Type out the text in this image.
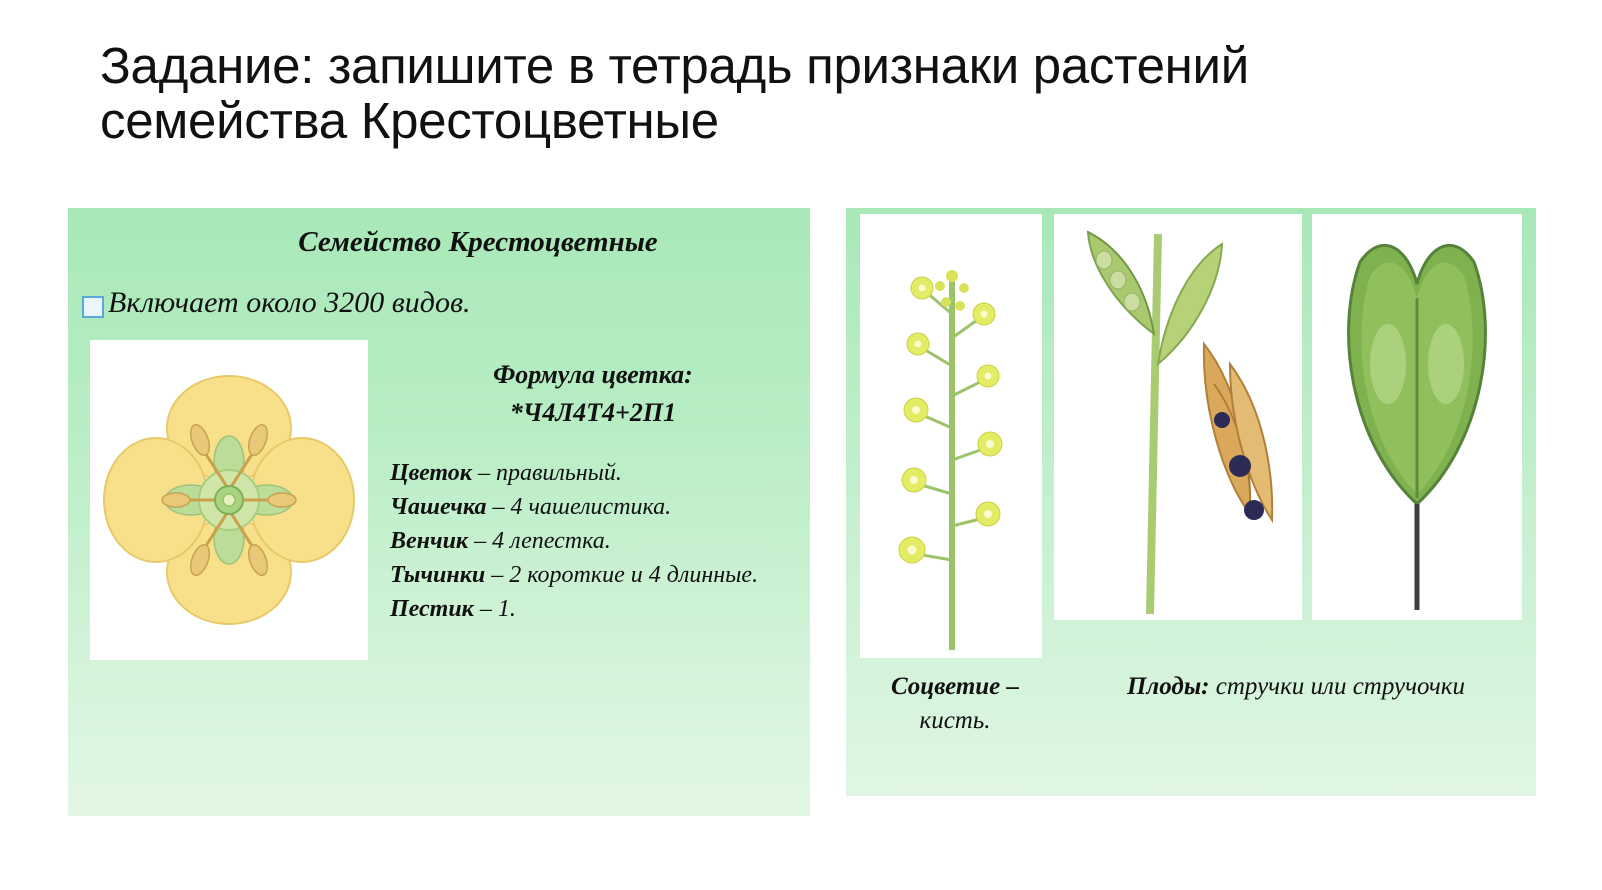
Задание: запишите в тетрадь признаки растений семейства Крестоцветные
Семейство Крестоцветные
Включает около 3200 видов.
Формула цветка:
*Ч4Л4Т4+2П1
Цветок – правильный.
Чашечка – 4 чашелистика.
Венчик – 4 лепестка.
Тычинки – 2 короткие и 4 длинные.
Пестик – 1.
Соцветие –
кисть.
Плоды: стручки или стручочки
